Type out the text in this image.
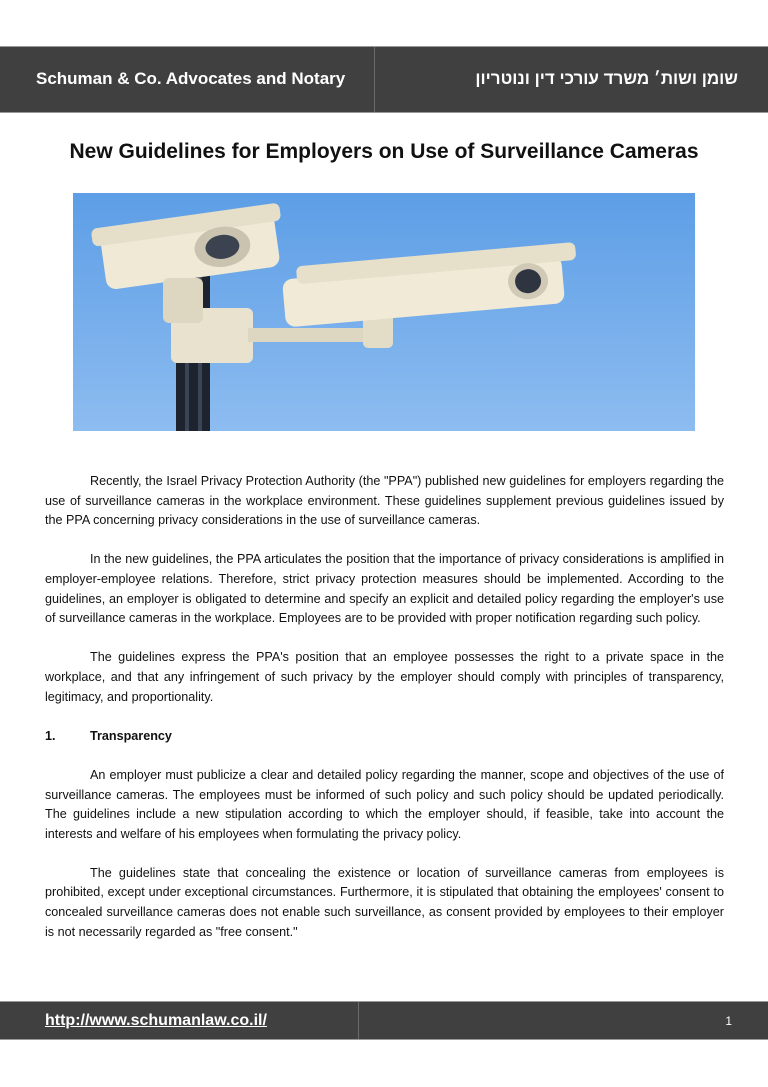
Schuman & Co. Advocates and Notary	שומן ושות׳ משרד עורכי דין ונוטריון
New Guidelines for Employers on Use of Surveillance Cameras

Recently, the Israel Privacy Protection Authority (the "PPA") published new guidelines for employers regarding the use of surveillance cameras in the workplace environment. These guidelines supplement previous guidelines issued by the PPA concerning privacy considerations in the use of surveillance cameras.

In the new guidelines, the PPA articulates the position that the importance of privacy considerations is amplified in employer-employee relations. Therefore, strict privacy protection measures should be implemented. According to the guidelines, an employer is obligated to determine and specify an explicit and detailed policy regarding the employer's use of surveillance cameras in the workplace. Employees are to be provided with proper notification regarding such policy.

The guidelines express the PPA's position that an employee possesses the right to a private space in the workplace, and that any infringement of such privacy by the employer should comply with principles of transparency, legitimacy, and proportionality.

1.	Transparency

An employer must publicize a clear and detailed policy regarding the manner, scope and objectives of the use of surveillance cameras. The employees must be informed of such policy and such policy should be updated periodically. The guidelines include a new stipulation according to which the employer should, if feasible, take into account the interests and welfare of his employees when formulating the privacy policy.

The guidelines state that concealing the existence or location of surveillance cameras from employees is prohibited, except under exceptional circumstances. Furthermore, it is stipulated that obtaining the employees' consent to concealed surveillance cameras does not enable such surveillance, as consent provided by employees to their employer is not necessarily regarded as "free consent."

http://www.schumanlaw.co.il/	1
